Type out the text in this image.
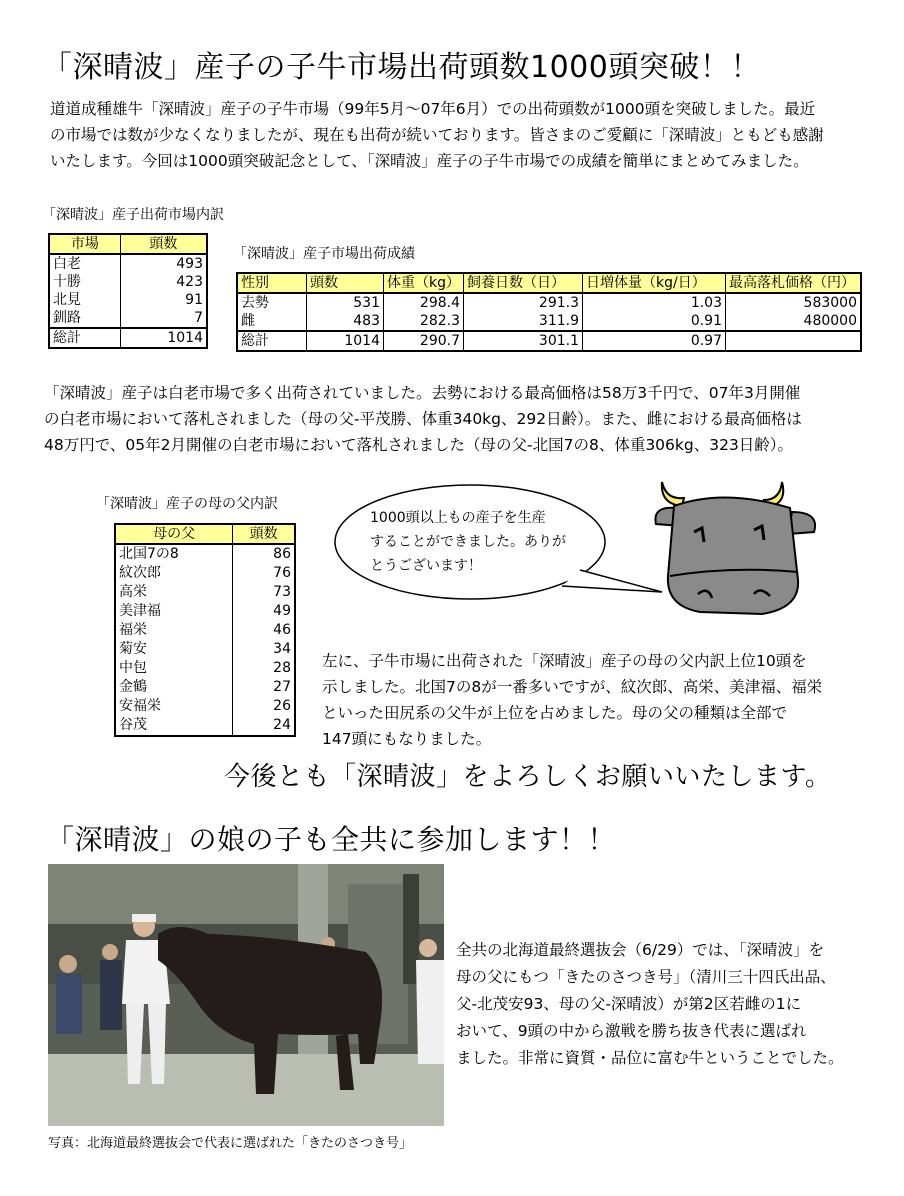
「深晴波」産子の子牛市場出荷頭数1000頭突破！！

道道成種雄牛「深晴波」産子の子牛市場（99年5月～07年6月）での出荷頭数が1000頭を突破しました。最近

の市場では数が少なくなりましたが、現在も出荷が続いております。皆さまのご愛顧に「深晴波」ともども感謝

いたします。今回は1000頭突破記念として、「深晴波」産子の子牛市場での成績を簡単にまとめてみました。

「深晴波」産子出荷市場内訳
市場	頭数
白老	493
十勝	423
北見	91
釧路	7
総計	1014
「深晴波」産子市場出荷成績
性別	頭数	体重（kg）	飼養日数（日）	日増体量（kg/日）	最高落札価格（円）
去勢	531	298.4	291.3	1.03	583000
雌	483	282.3	311.9	0.91	480000
総計	1014	290.7	301.1	0.97	

「深晴波」産子は白老市場で多く出荷されていました。去勢における最高価格は58万3千円で、07年3月開催

の白老市場において落札されました（母の父-平茂勝、体重340kg、292日齢）。また、雌における最高価格は

48万円で、05年2月開催の白老市場において落札されました（母の父-北国7の8、体重306kg、323日齢）。

「深晴波」産子の母の父内訳
母の父	頭数
北国7の8	86
紋次郎	76
高栄	73
美津福	49
福栄	46
菊安	34
中包	28
金鶴	27
安福栄	26
谷茂	24

1000頭以上もの産子を生産

することができました。ありが

とうございます！

左に、子牛市場に出荷された「深晴波」産子の母の父内訳上位10頭を

示しました。北国7の8が一番多いですが、紋次郎、高栄、美津福、福栄

といった田尻系の父牛が上位を占めました。母の父の種類は全部で

147頭にもなりました。

今後とも「深晴波」をよろしくお願いいたします。
「深晴波」の娘の子も全共に参加します！！

全共の北海道最終選抜会（6/29）では、「深晴波」を

母の父にもつ「きたのさつき号」（清川三十四氏出品、

父-北茂安93、母の父-深晴波）が第2区若雌の1に

おいて、9頭の中から激戦を勝ち抜き代表に選ばれ

ました。非常に資質・品位に富む牛ということでした。

写真：北海道最終選抜会で代表に選ばれた「きたのさつき号」
